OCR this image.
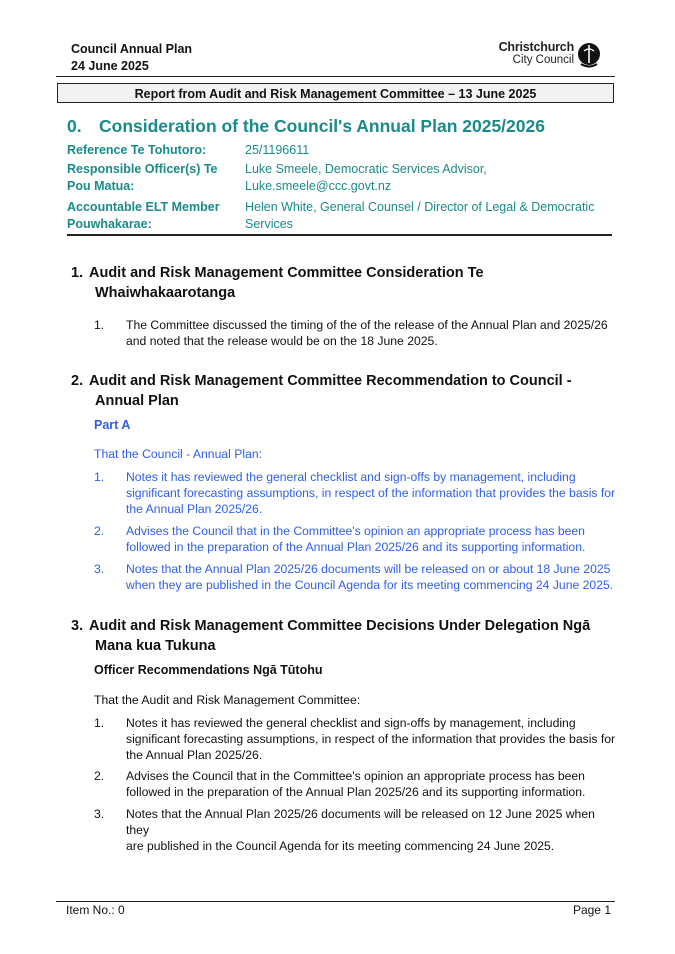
Council Annual Plan
24 June 2025
Christchurch
City Council
Report from Audit and Risk Management Committee – 13 June 2025
0. Consideration of the Council's Annual Plan 2025/2026
Reference Te Tohutoro:	25/1196611
Responsible Officer(s) Te
Pou Matua:
Luke Smeele, Democratic Services Advisor,
Luke.smeele@ccc.govt.nz
Accountable ELT Member
Pouwhakarae:
Helen White, General Counsel / Director of Legal & Democratic
Services
1. Audit and Risk Management Committee Consideration Te
Whaiwhakaarotanga
1. The Committee discussed the timing of the of the release of the Annual Plan and 2025/26
and noted that the release would be on the 18 June 2025.
2. Audit and Risk Management Committee Recommendation to Council -
Annual Plan
Part A
That the Council - Annual Plan:
1. Notes it has reviewed the general checklist and sign-offs by management, including
significant forecasting assumptions, in respect of the information that provides the basis for
the Annual Plan 2025/26.
2. Advises the Council that in the Committee's opinion an appropriate process has been
followed in the preparation of the Annual Plan 2025/26 and its supporting information.
3. Notes that the Annual Plan 2025/26 documents will be released on or about 18 June 2025
when they are published in the Council Agenda for its meeting commencing 24 June 2025.
3. Audit and Risk Management Committee Decisions Under Delegation Ngā
Mana kua Tukuna
Officer Recommendations Ngā Tūtohu
That the Audit and Risk Management Committee:
1. Notes it has reviewed the general checklist and sign-offs by management, including
significant forecasting assumptions, in respect of the information that provides the basis for
the Annual Plan 2025/26.
2. Advises the Council that in the Committee's opinion an appropriate process has been
followed in the preparation of the Annual Plan 2025/26 and its supporting information.
3. Notes that the Annual Plan 2025/26 documents will be released on 12 June 2025 when they
are published in the Council Agenda for its meeting commencing 24 June 2025.
Item No.: 0	Page 1
